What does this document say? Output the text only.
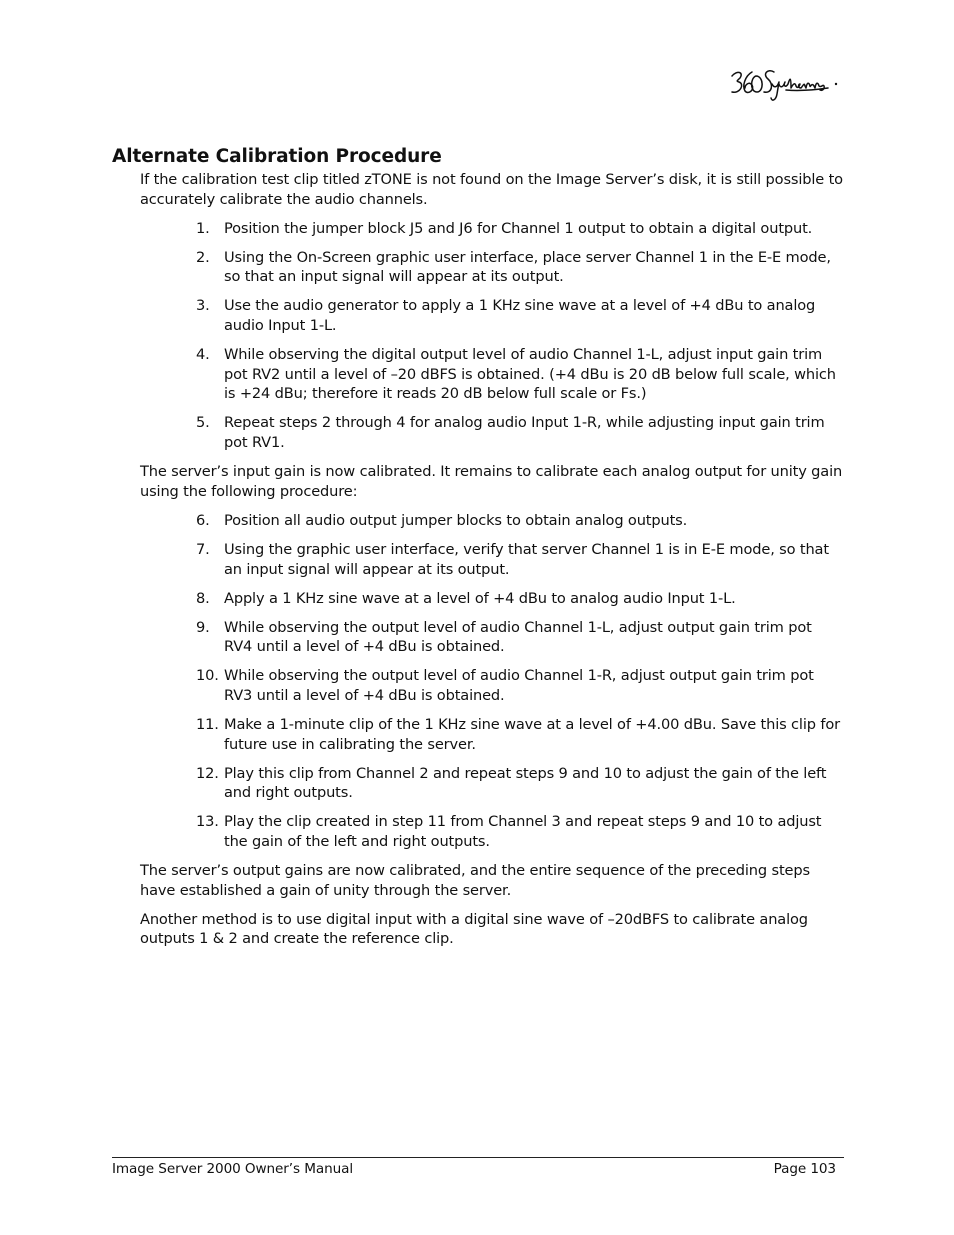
Alternate Calibration Procedure

If the calibration test clip titled zTONE is not found on the Image Server’s disk, it is still possible to accurately calibrate the audio channels.

1. Position the jumper block J5 and J6 for Channel 1 output to obtain a digital output.
2. Using the On-Screen graphic user interface, place server Channel 1 in the E-E mode, so that an input signal will appear at its output.
3. Use the audio generator to apply a 1 KHz sine wave at a level of +4 dBu to analog audio Input 1-L.
4. While observing the digital output level of audio Channel 1-L, adjust input gain trim pot RV2 until a level of –20 dBFS is obtained. (+4 dBu is 20 dB below full scale, which is +24 dBu; therefore it reads 20 dB below full scale or Fs.)
5. Repeat steps 2 through 4 for analog audio Input 1-R, while adjusting input gain trim pot RV1.

The server’s input gain is now calibrated. It remains to calibrate each analog output for unity gain using the following procedure:

6. Position all audio output jumper blocks to obtain analog outputs.
7. Using the graphic user interface, verify that server Channel 1 is in E-E mode, so that an input signal will appear at its output.
8. Apply a 1 KHz sine wave at a level of +4 dBu to analog audio Input 1-L.
9. While observing the output level of audio Channel 1-L, adjust output gain trim pot RV4 until a level of +4 dBu is obtained.
10. While observing the output level of audio Channel 1-R, adjust output gain trim pot RV3 until a level of +4 dBu is obtained.
11. Make a 1-minute clip of the 1 KHz sine wave at a level of +4.00 dBu. Save this clip for future use in calibrating the server.
12. Play this clip from Channel 2 and repeat steps 9 and 10 to adjust the gain of the left and right outputs.
13. Play the clip created in step 11 from Channel 3 and repeat steps 9 and 10 to adjust the gain of the left and right outputs.

The server’s output gains are now calibrated, and the entire sequence of the preceding steps have established a gain of unity through the server.

Another method is to use digital input with a digital sine wave of –20dBFS to calibrate analog outputs 1 & 2 and create the reference clip.

Image Server 2000 Owner’s Manual	Page 103
